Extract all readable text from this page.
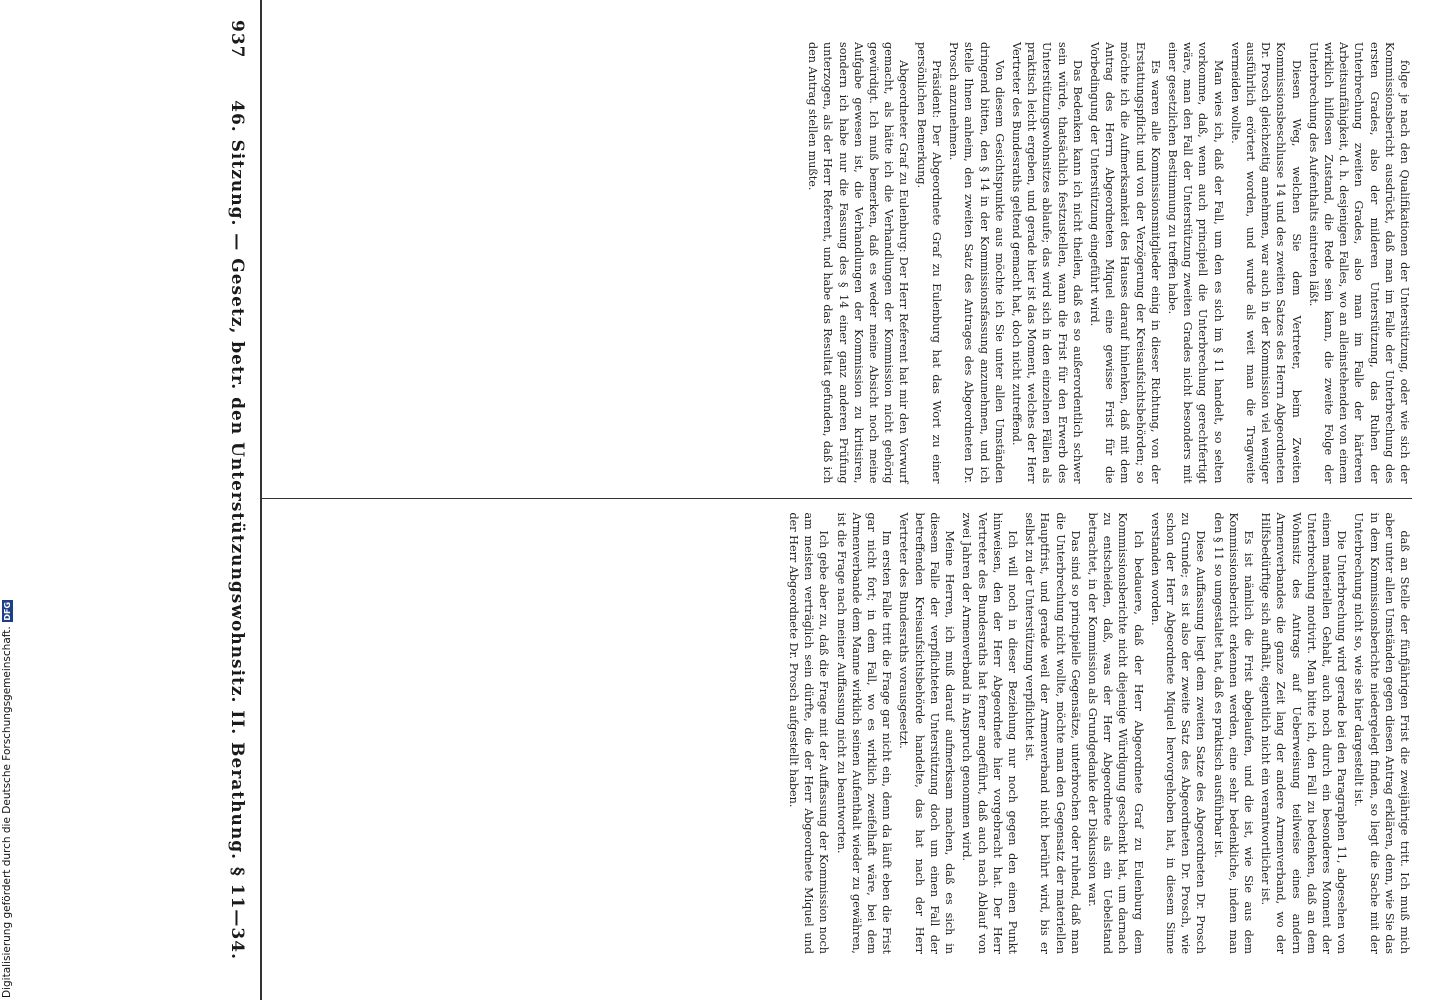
Digitalisierung gefördert durch die Deutsche Forschungsgemeinschaft.
DFG

folge je nach den Qualifikationen der Unterstützung, oder wie sich der Kommissionsbericht ausdrückt, daß man im Falle der Unterbrechung des ersten Grades, also der milderen Unterstützung, das Ruhen der Unterbrechung zweiten Grades, also man im Falle der härteren Arbeitsunfähigkeit, d. h. desjenigen Falles, wo an alleinstehenden von einem wirklich hilflosen Zustand, die Rede sein kann, die zweite Folge der Unterbrechung des Aufenthalts eintreten läßt.

Diesen Weg, welchen Sie dem Vertreter, beim Zweiten Kommissionsbeschlusse 14 und des zweiten Satzes des Herrn Abgeordneten Dr. Prosch gleichzeitig annehmen, war auch in der Kommission viel weniger ausführlich erörtert worden, und wurde als weit man die Tragweite vermeiden wollte.

Man wies ich, daß der Fall, um den es sich im § 11 handelt, so selten vorkomme, daß, wenn auch principiell die Unterbrechung gerechtfertigt wäre, man den Fall der Unterstützung zweiten Grades nicht besonders mit einer gesetzlichen Bestimmung zu treffen habe.

Es waren alle Kommissionsmitglieder einig in dieser Richtung, von der Erstattungspflicht und von der Verzögerung der Kreisaufsichtsbehörden; so möchte ich die Aufmerksamkeit des Hauses darauf hinlenken, daß mit dem Antrag des Herrn Abgeordneten Miquel eine gewisse Frist für die Vorbedingung der Unterstützung eingeführt wird.

Das Bedenken kann ich nicht theilen, daß es so außerordentlich schwer sein würde, thatsächlich festzustellen, wann die Frist für den Erwerb des Unterstützungswohnsitzes ablaufe; das wird sich in den einzelnen Fällen als praktisch leicht ergeben, und gerade hier ist das Moment, welches der Herr Vertreter des Bundesraths geltend gemacht hat, doch nicht zutreffend.

Von diesem Gesichtspunkte aus möchte ich Sie unter allen Umständen dringend bitten, den § 14 in der Kommissionsfassung anzunehmen, und ich stelle Ihnen anheim, den zweiten Satz des Antrages des Abgeordneten Dr. Prosch anzunehmen.

Präsident: Der Abgeordnete Graf zu Eulenburg hat das Wort zu einer persönlichen Bemerkung.

Abgeordneter Graf zu Eulenburg: Der Herr Referent hat mir den Vorwurf gemacht, als hätte ich die Verhandlungen der Kommission nicht gehörig gewürdigt. Ich muß bemerken, daß es weder meine Absicht noch meine Aufgabe gewesen ist, die Verhandlungen der Kommission zu kritisiren, sondern ich habe nur die Fassung des § 14 einer ganz anderen Prüfung unterzogen, als der Herr Referent, und habe das Resultat gefunden, daß ich den Antrag stellen mußte.

daß an Stelle der fünfjährigen Frist die zweijährige tritt. Ich muß mich aber unter allen Umständen gegen diesen Antrag erklären, denn, wie Sie das in dem Kommissionsberichte niedergelegt finden, so liegt die Sache mit der Unterbrechung nicht so, wie sie hier dargestellt ist.

Die Unterbrechung wird gerade bei den Paragraphen 11, abgesehen von einem materiellen Gehalt, auch noch durch ein besonderes Moment der Unterbrechung motivirt. Man bitte ich, den Fall zu bedenken, daß an dem Wohnsitz des Antrags auf Ueberweisung teilweise eines andern Armenverbandes die ganze Zeit lang der andere Armenverband, wo der Hilfsbedürftige sich aufhält, eigentlich nicht ein verantwortlicher ist.

Es ist nämlich die Frist abgelaufen, und die ist, wie Sie aus dem Kommissionsbericht erkennen werden, eine sehr bedenkliche, indem man den § 11 so umgestaltet hat, daß es praktisch ausführbar ist.

Diese Auffassung liegt dem zweiten Satze des Abgeordneten Dr. Prosch zu Grunde; es ist also der zweite Satz des Abgeordneten Dr. Prosch, wie schon der Herr Abgeordnete Miquel hervorgehoben hat, in diesem Sinne verstanden worden.

Ich bedauere, daß der Herr Abgeordnete Graf zu Eulenburg dem Kommissionsberichte nicht diejenige Würdigung geschenkt hat, um darnach zu entscheiden, daß, was der Herr Abgeordnete als ein Uebelstand betrachtet, in der Kommission als Grundgedanke der Diskussion war.

Das sind so principielle Gegensätze, unterbrochen oder ruhend, daß man die Unterbrechung nicht wollte, möchte man den Gegensatz der materiellen Hauptfrist, und gerade weil der Armenverband nicht berührt wird, bis er selbst zu der Unterstützung verpflichtet ist.

Ich will noch in dieser Beziehung nur noch gegen den einen Punkt hinweisen, den der Herr Abgeordnete hier vorgebracht hat. Der Herr Vertreter des Bundesraths hat ferner angeführt, daß auch nach Ablauf von zwei Jahren der Armenverband in Anspruch genommen wird.

Meine Herren, ich muß darauf aufmerksam machen, daß es sich in diesem Falle der verpflichteten Unterstützung doch um einen Fall der betreffenden Kreisaufsichtsbehörde handelte, das hat nach der Herr Vertreter des Bundesraths vorausgesetzt.

Im ersten Falle tritt die Frage gar nicht ein, denn da läuft eben die Frist gar nicht fort; in dem Fall, wo es wirklich zweifelhaft wäre, bei dem Armenverbande dem Manne wirklich seinen Aufenthalt wieder zu gewähren, ist die Frage nach meiner Auffassung nicht zu beantworten.

Ich gebe aber zu, daß die Frage mit der Auffassung der Kommission noch am meisten verträglich sein dürfte, die der Herr Abgeordnete Miquel und der Herr Abgeordnete Dr. Prosch aufgestellt haben.

937
46. Sitzung. — Gesetz, betr. den Unterstützungswohnsitz. II. Berathung. § 11—34.
